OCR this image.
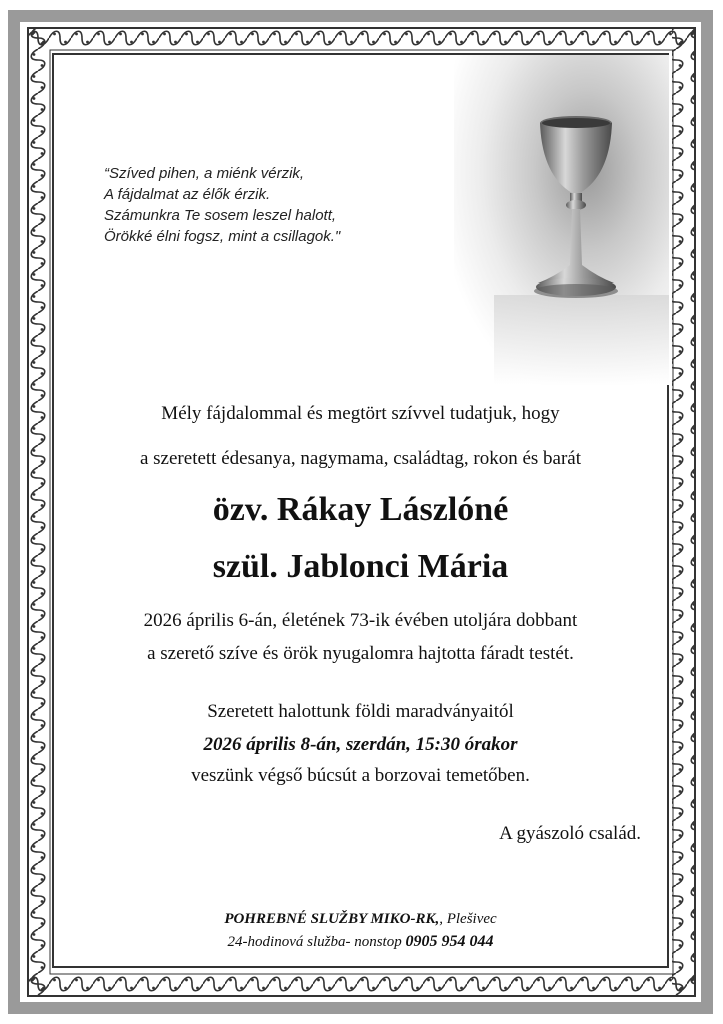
“Szíved pihen, a miénk vérzik,
A fájdalmat az élők érzik.
Számunkra Te sosem leszel halott,
Örökké élni fogsz, mint a csillagok."
Mély fájdalommal és megtört szívvel tudatjuk, hogy
a szeretett édesanya, nagymama, családtag, rokon és barát
özv. Rákay Lászlóné
szül. Jablonci Mária
2026 április 6-án, életének 73-ik évében utoljára dobbant
a szerető szíve és örök nyugalomra hajtotta fáradt testét.
Szeretett halottunk földi maradványaitól
2026 április 8-án, szerdán, 15:30 órakor
veszünk végső búcsút a borzovai temetőben.
A gyászoló család.
POHREBNÉ SLUŽBY MIKO-RK,, Plešivec
24-hodinová služba- nonstop 0905 954 044
